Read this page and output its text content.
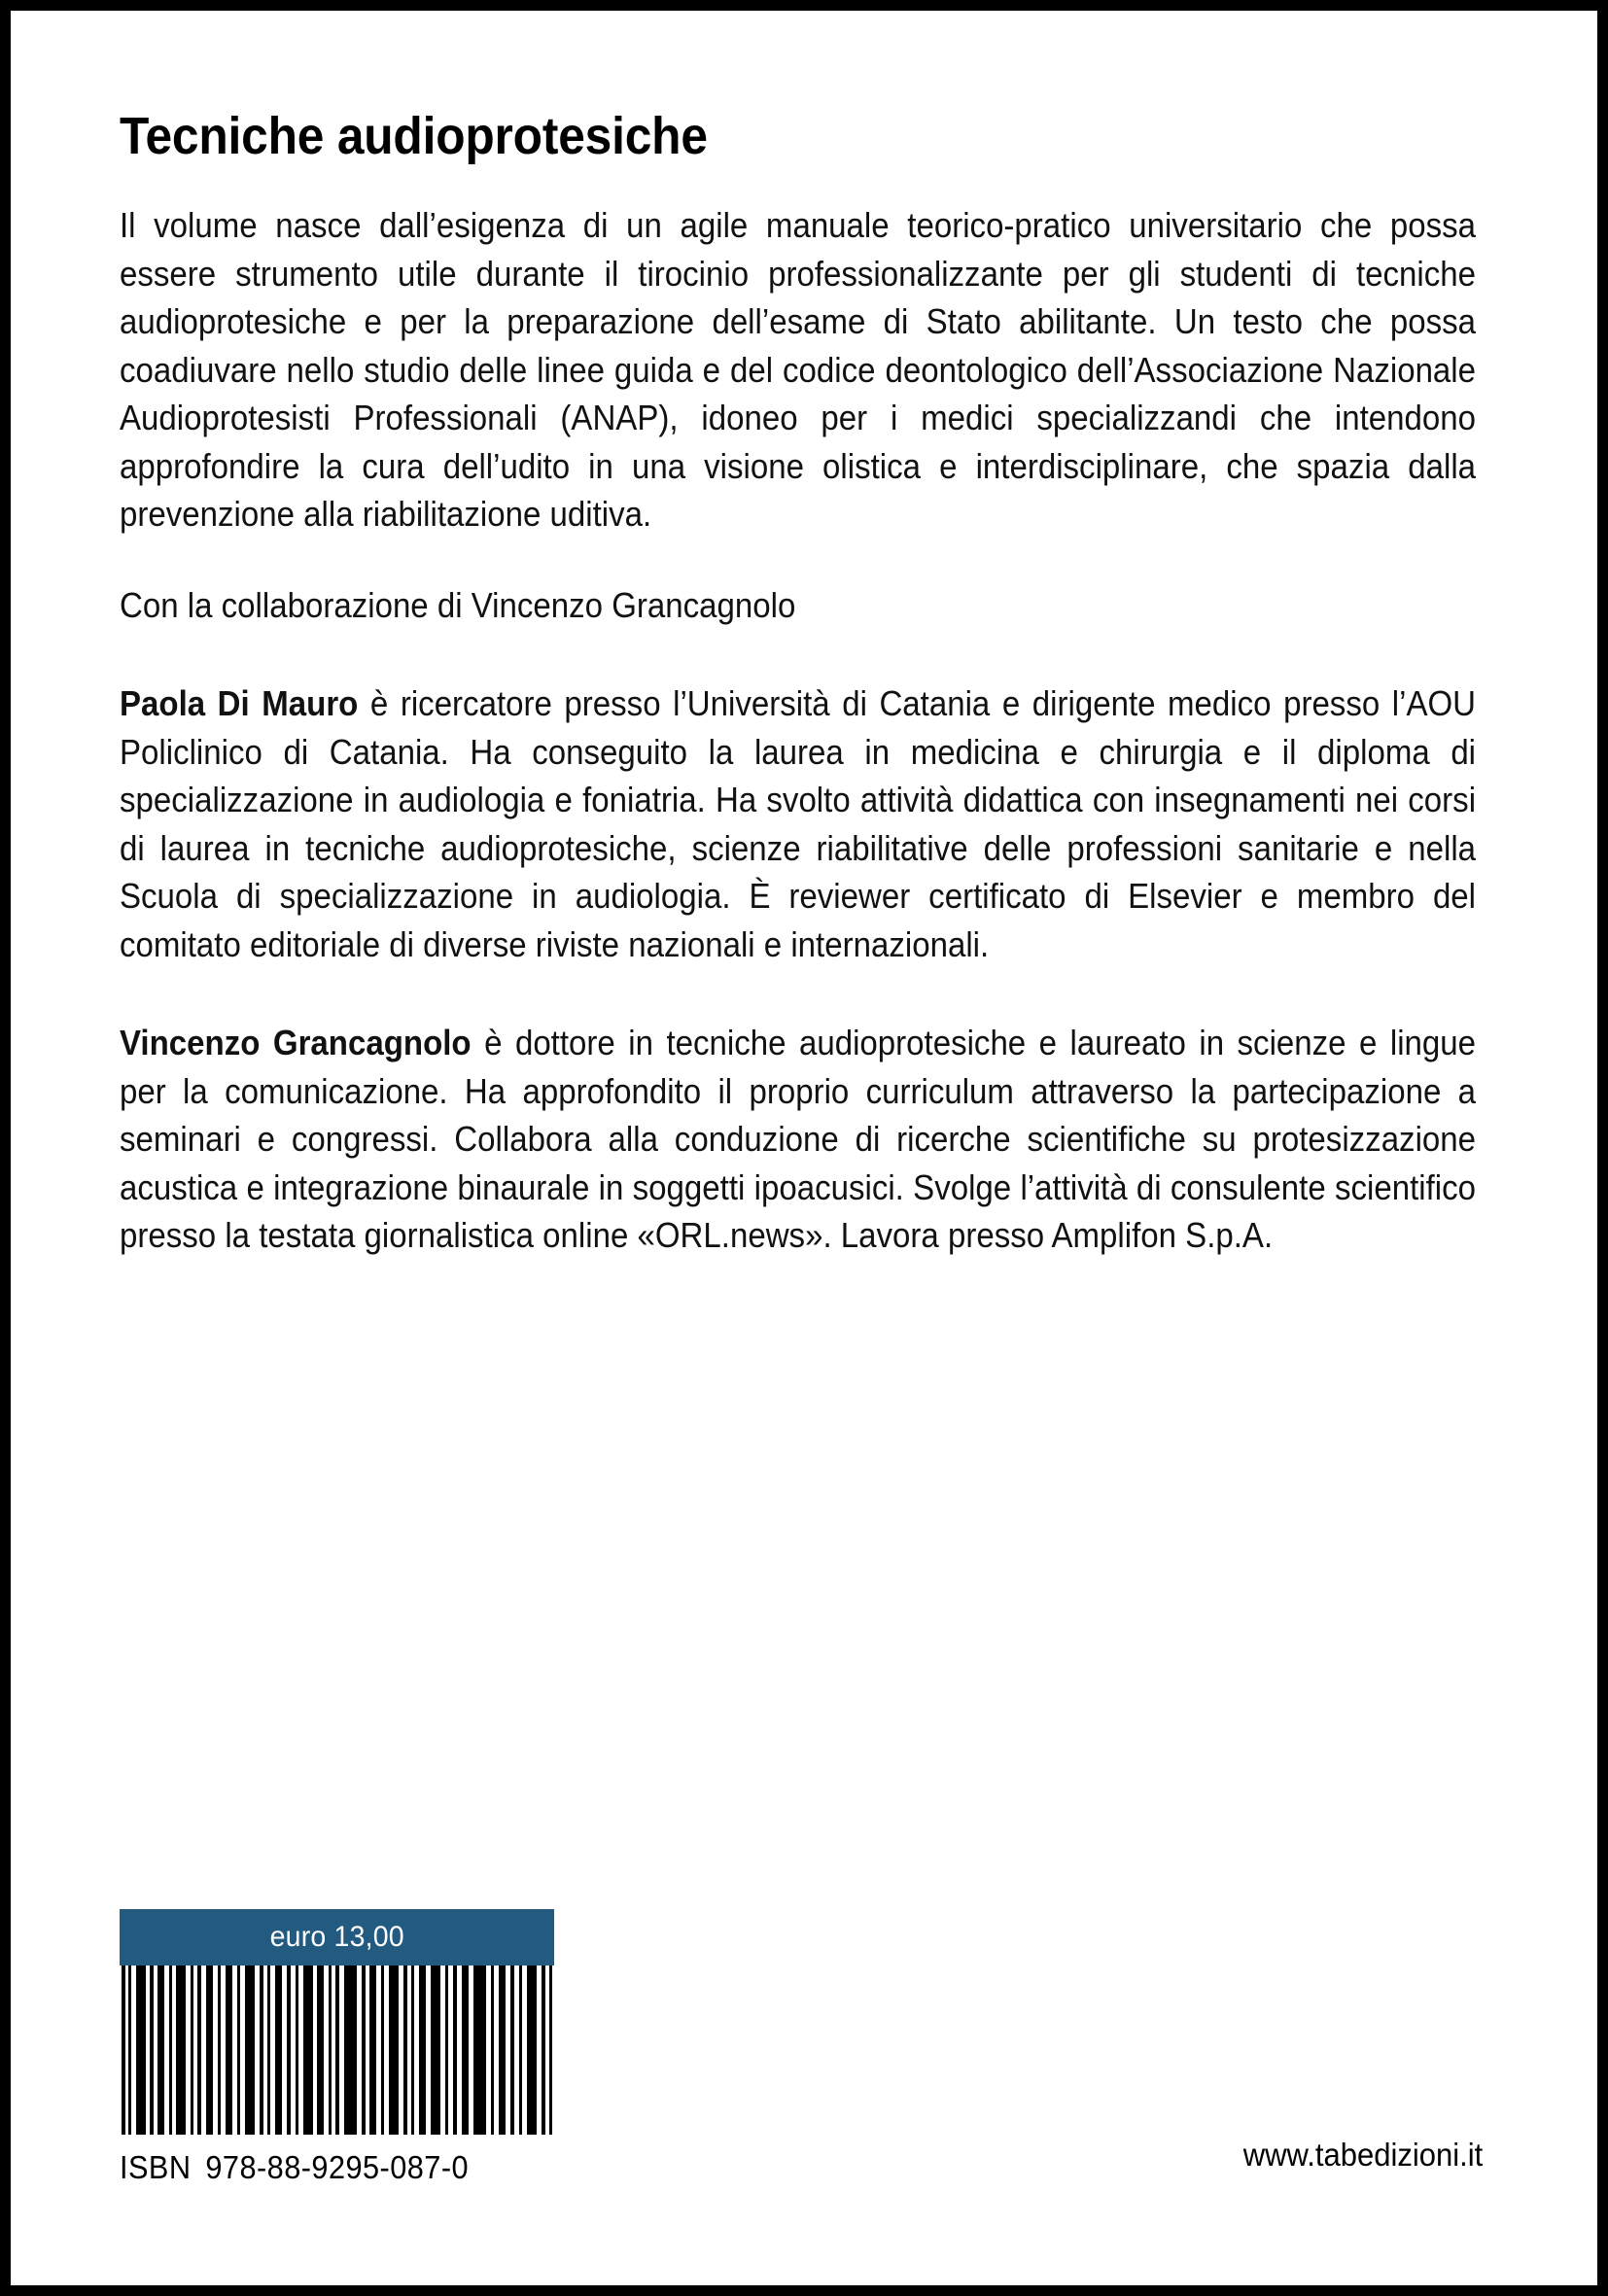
Tecniche audioprotesiche

Il volume nasce dall’esigenza di un agile manuale teorico-pratico universitario che possa essere strumento utile durante il tirocinio professionalizzante per gli studenti di tecniche audioprotesiche e per la preparazione dell’esame di Stato abilitante. Un testo che possa coadiuvare nello studio delle linee guida e del codice deontologico dell’Associazione Nazionale Audioprotesisti Professionali (ANAP), idoneo per i medici specializzandi che intendono approfondire la cura dell’udito in una visione olistica e interdisciplinare, che spazia dalla prevenzione alla riabilitazione uditiva.

Con la collaborazione di Vincenzo Grancagnolo

Paola Di Mauro è ricercatore presso l’Università di Catania e dirigente medico presso l’AOU Policlinico di Catania. Ha conseguito la laurea in medicina e chirurgia e il diploma di specializzazione in audiologia e foniatria. Ha svolto attività didattica con insegnamenti nei corsi di laurea in tecniche audioprotesiche, scienze riabilitative delle professioni sanitarie e nella Scuola di specializzazione in audiologia. È reviewer certificato di Elsevier e membro del comitato editoriale di diverse riviste nazionali e internazionali.

Vincenzo Grancagnolo è dottore in tecniche audioprotesiche e laureato in scienze e lingue per la comunicazione. Ha approfondito il proprio curriculum attraverso la partecipazione a seminari e congressi. Collabora alla conduzione di ricerche scientifiche su protesizzazione acustica e integrazione binaurale in soggetti ipoacusici. Svolge l’attività di consulente scientifico presso la testata giornalistica online «ORL.news». Lavora presso Amplifon S.p.A.

euro 13,00
ISBN 978-88-9295-087-0	www.tabedizioni.it
